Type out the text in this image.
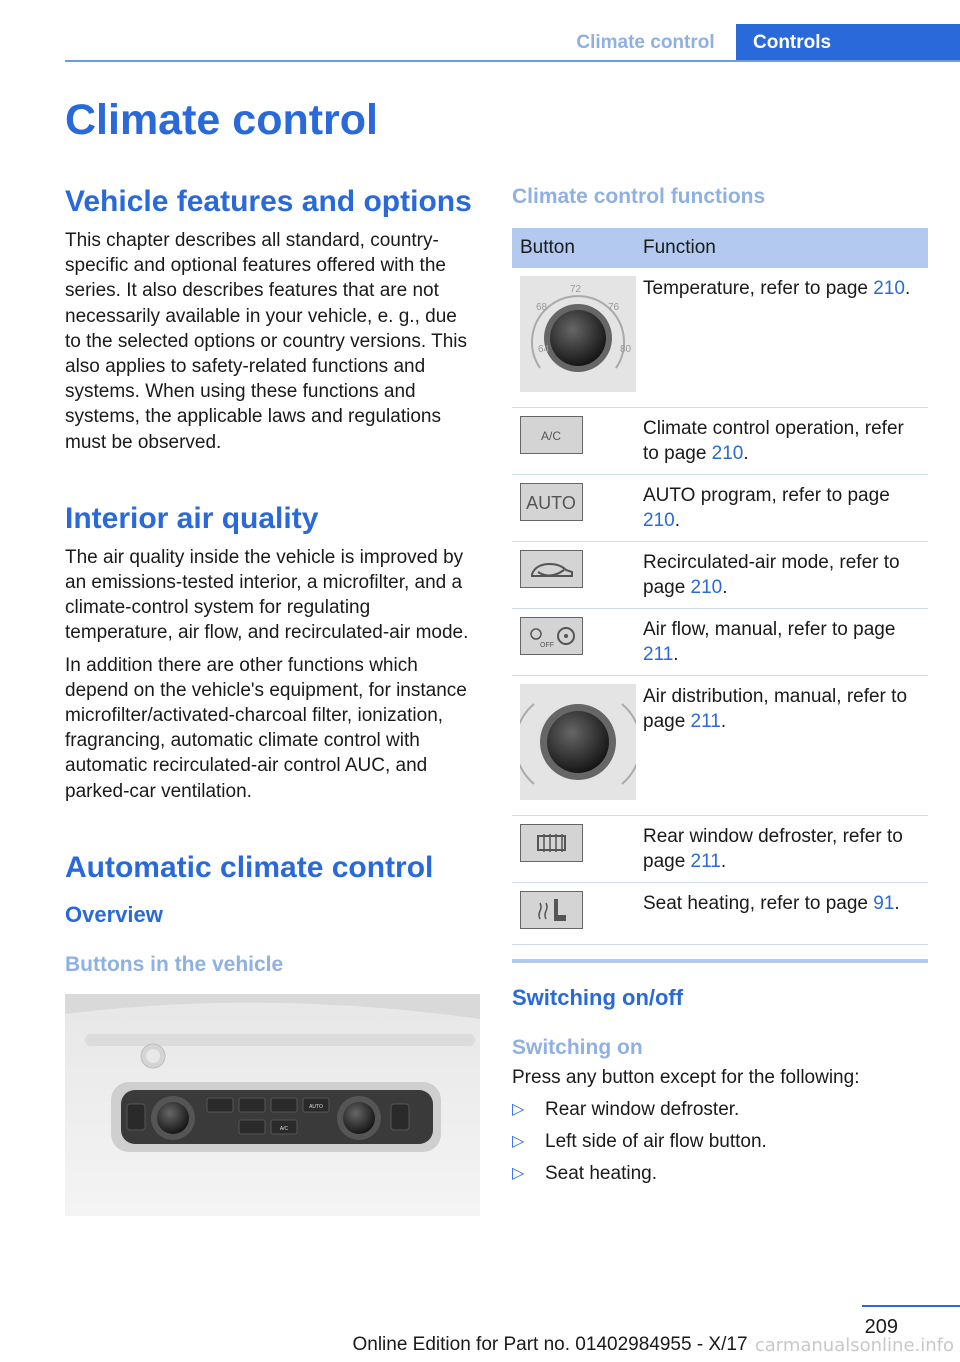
Climate control	Controls
Climate control
Vehicle features and options

This chapter describes all standard, country-specific and optional features offered with the series. It also describes features that are not necessarily available in your vehicle, e. g., due to the selected options or country versions. This also applies to safety-related functions and systems. When using these functions and systems, the applicable laws and regulations must be observed.

Interior air quality

The air quality inside the vehicle is improved by an emissions-tested interior, a microfilter, and a climate-control system for regulating temperature, air flow, and recirculated-air mode.

In addition there are other functions which depend on the vehicle's equipment, for instance microfilter/activated-charcoal filter, ionization, fragrancing, automatic climate control with automatic recirculated-air control AUC, and parked-car ventilation.

Automatic climate control
Overview
Buttons in the vehicle
AUTO
A/C
Climate control functions
Button	Function

64
68
72
76
80	Temperature, refer to page 210.

A/C	Climate control operation, refer to page 210.

AUTO	AUTO program, refer to page 210.
	Recirculated-air mode, refer to page 210.

OFF	Air flow, manual, refer to page 211.
	Air distribution, manual, refer to page 211.
	Rear window defroster, refer to page 211.
	Seat heating, refer to page 91.
Switching on/off
Switching on

Press any button except for the following:

▷	Rear window defroster.
▷	Left side of air flow button.
▷	Seat heating.
209
Online Edition for Part no. 01402984955 - X/17 carmanualsonline.info
